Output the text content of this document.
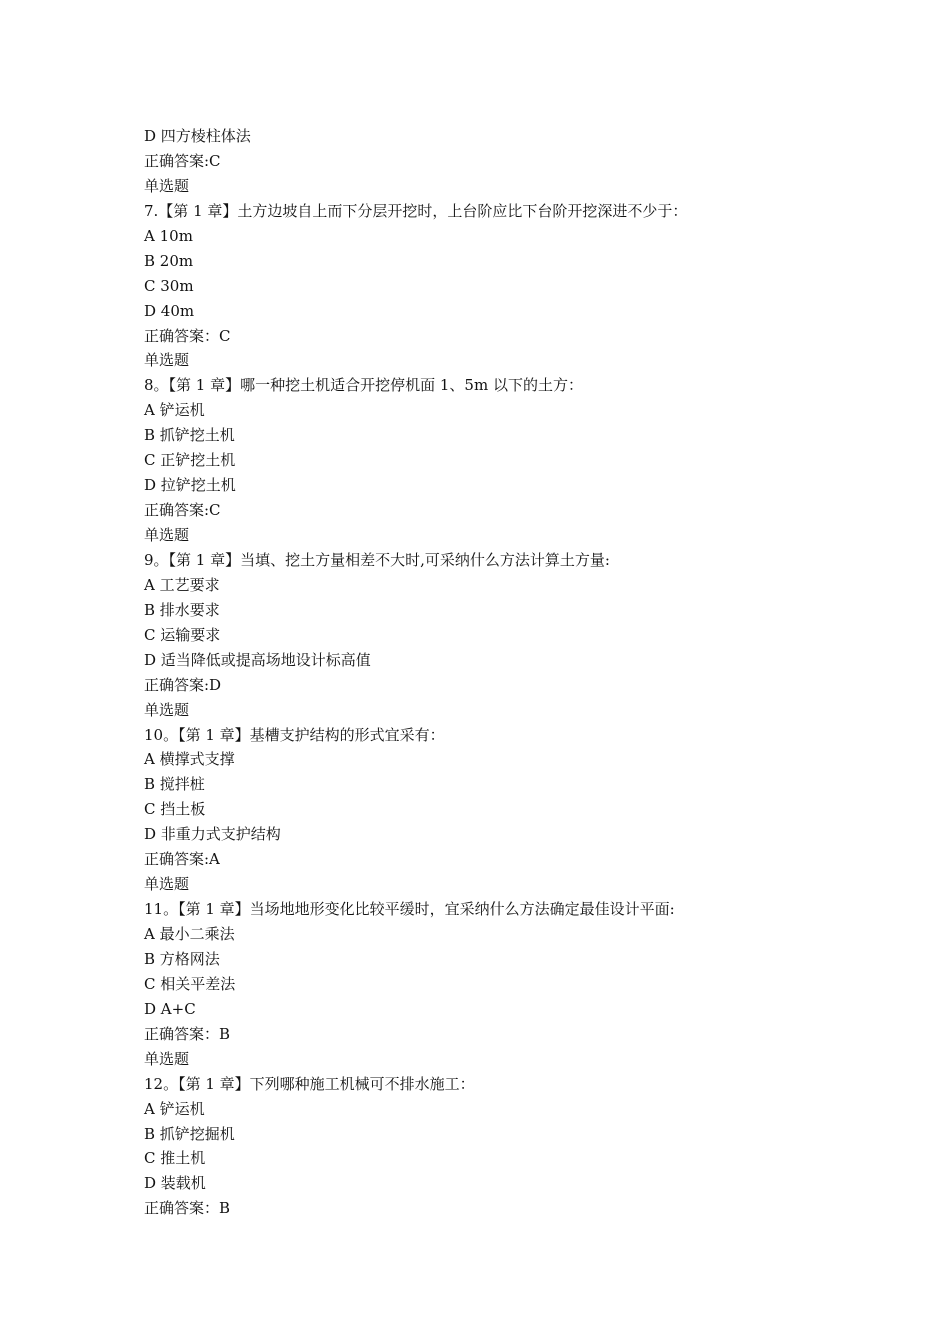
D 四方棱柱体法
正确答案:C
单选题
7.【第 1 章】土方边坡自上而下分层开挖时，上台阶应比下台阶开挖深进不少于：
A 10m
B 20m
C 30m
D 40m
正确答案：C
单选题
8。【第 1 章】哪一种挖土机适合开挖停机面 1、5m 以下的土方：
A 铲运机
B 抓铲挖土机
C 正铲挖土机
D 拉铲挖土机
正确答案:C
单选题
9。【第 1 章】当填、挖土方量相差不大时,可采纳什么方法计算土方量:
A 工艺要求
B 排水要求
C 运输要求
D 适当降低或提高场地设计标高值
正确答案:D
单选题
10。【第 1 章】基槽支护结构的形式宜采有：
A 横撑式支撑
B 搅拌桩
C 挡土板
D 非重力式支护结构
正确答案:A
单选题
11。【第 1 章】当场地地形变化比较平缓时，宜采纳什么方法确定最佳设计平面:
A 最小二乘法
B 方格网法
C 相关平差法
D A+C
正确答案：B
单选题
12。【第 1 章】下列哪种施工机械可不排水施工：
A 铲运机
B 抓铲挖掘机
C 推土机
D 装载机
正确答案：B
